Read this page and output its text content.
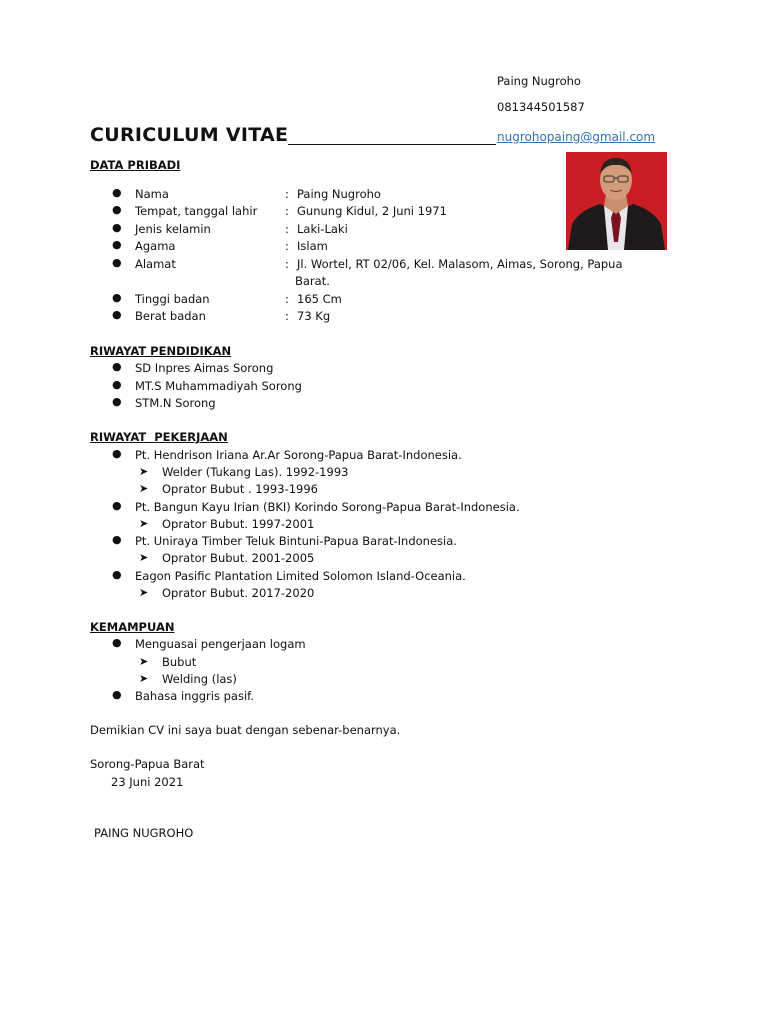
Paing Nugroho
081344501587
CURICULUM VITAE	nugrohopaing@gmail.com
DATA PRIBADI
● Nama	: Paing Nugroho
● Tempat, tanggal lahir : Gunung Kidul, 2 Juni 1971
● Jenis kelamin	: Laki-Laki
● Agama	: Islam
● Alamat	: Jl. Wortel, RT 02/06, Kel. Malasom, Aimas, Sorong, Papua
Barat.
● Tinggi badan	: 165 Cm
● Berat badan	: 73 Kg
RIWAYAT PENDIDIKAN
● SD Inpres Aimas Sorong
● MT.S Muhammadiyah Sorong
● STM.N Sorong
RIWAYAT  PEKERJAAN
● Pt. Hendrison Iriana Ar.Ar Sorong-Papua Barat-Indonesia.
➤ Welder (Tukang Las). 1992-1993
➤ Oprator Bubut . 1993-1996
● Pt. Bangun Kayu Irian (BKI) Korindo Sorong-Papua Barat-Indonesia.
➤ Oprator Bubut. 1997-2001
● Pt. Uniraya Timber Teluk Bintuni-Papua Barat-Indonesia.
➤ Oprator Bubut. 2001-2005
● Eagon Pasific Plantation Limited Solomon Island-Oceania.
➤ Oprator Bubut. 2017-2020
KEMAMPUAN
● Menguasai pengerjaan logam
➤ Bubut
➤ Welding (las)
● Bahasa inggris pasif.
Demikian CV ini saya buat dengan sebenar-benarnya.
Sorong-Papua Barat
23 Juni 2021
PAING NUGROHO
